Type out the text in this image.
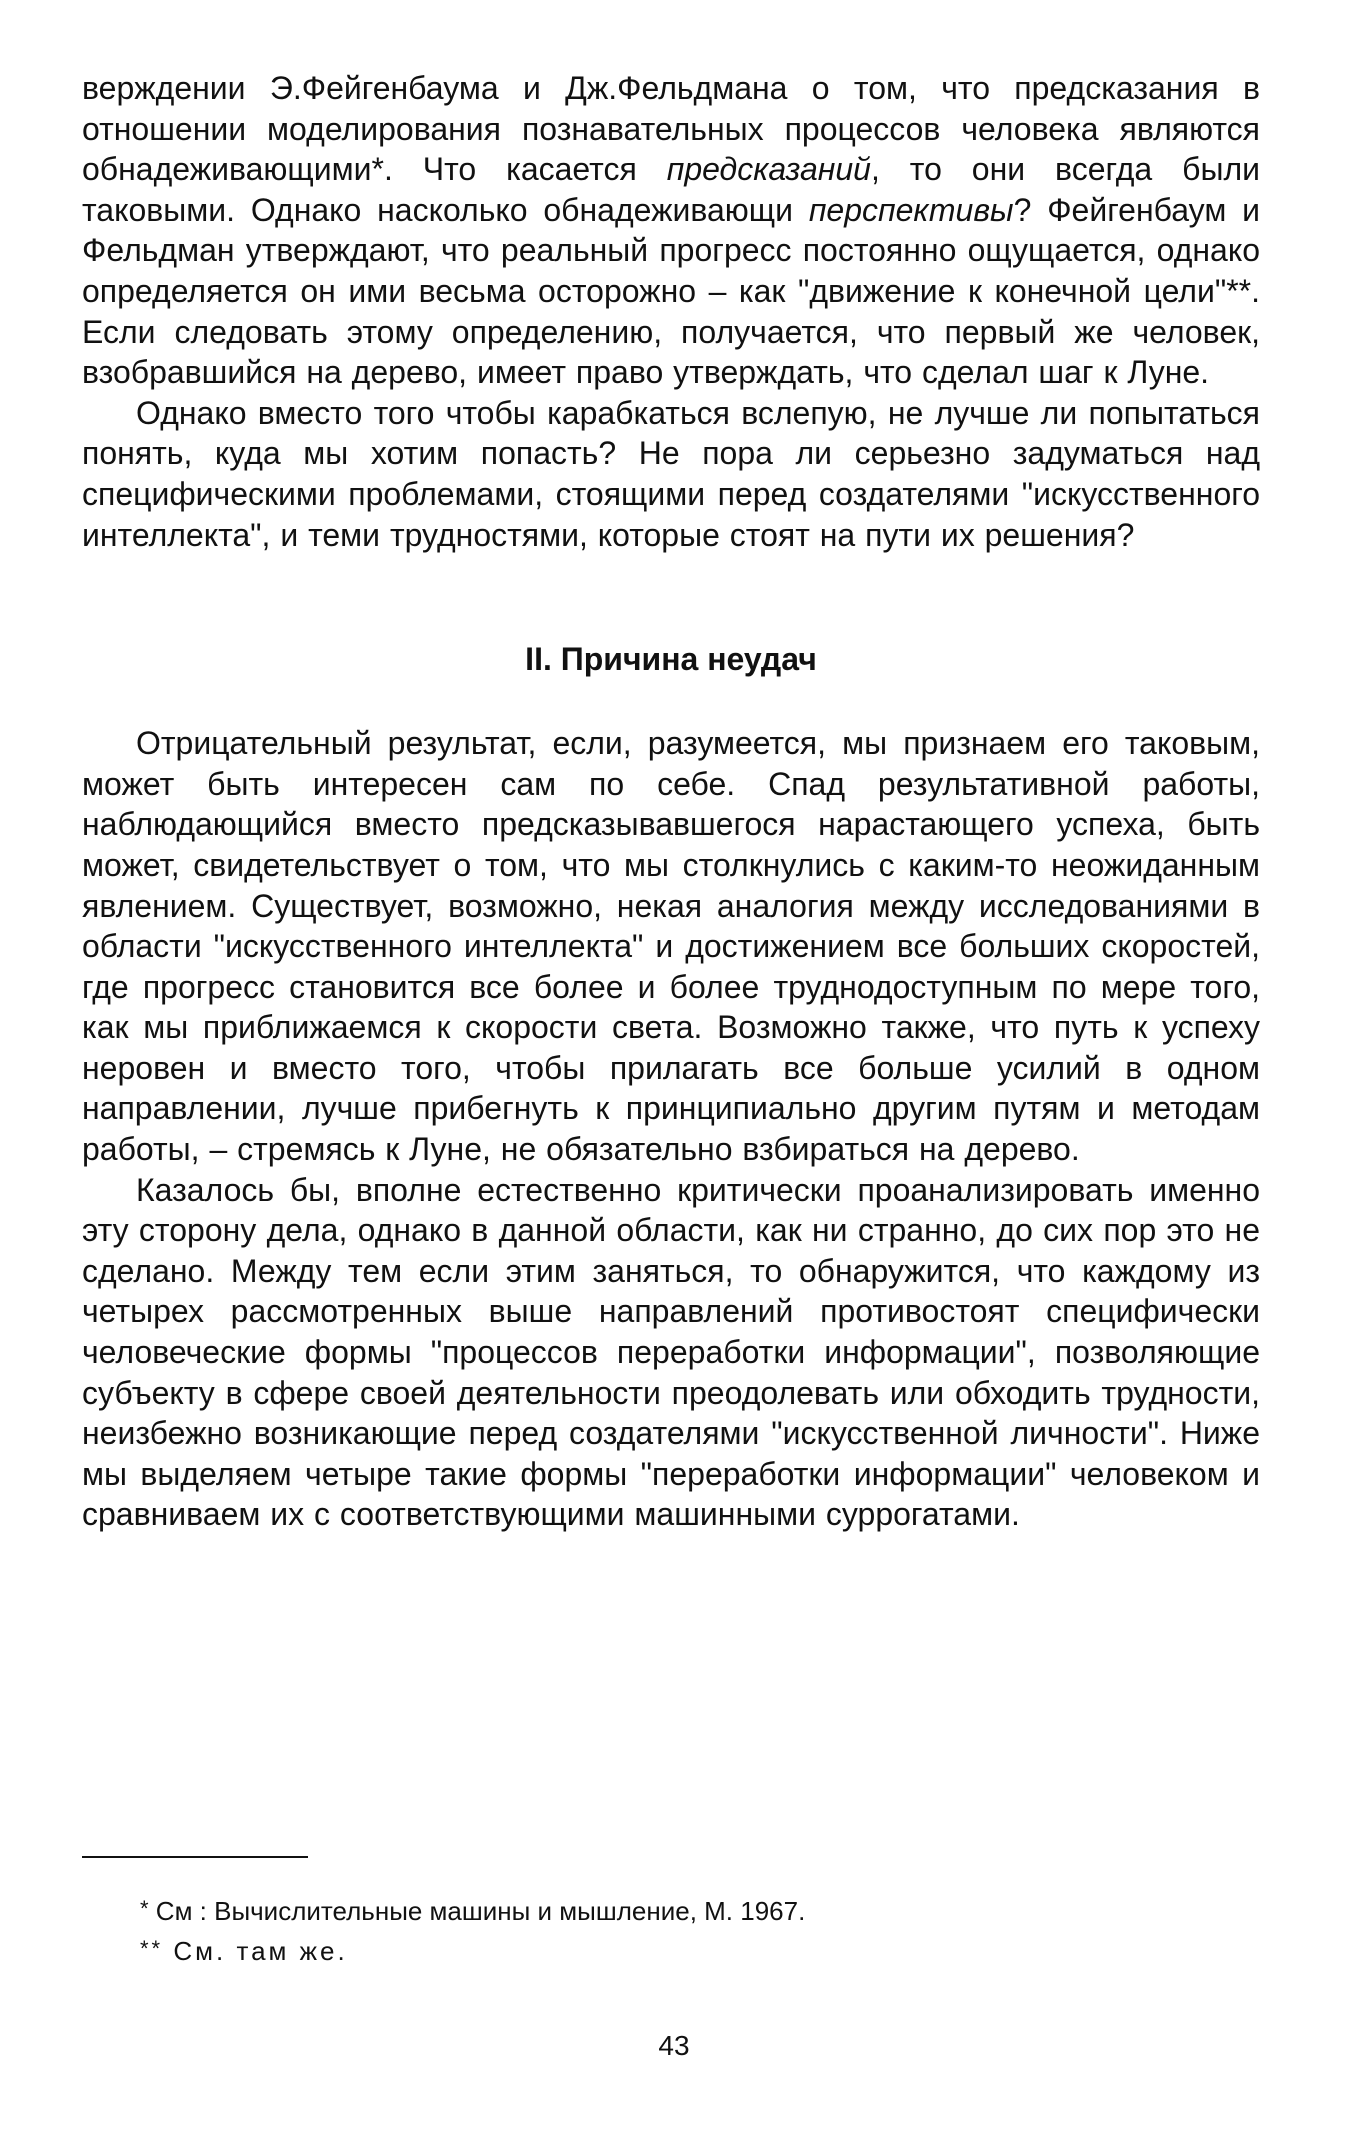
верждении Э.Фейгенбаума и Дж.Фельдмана о том, что предсказания в отношении моделирования познавательных процессов человека являются обнадеживающими*. Что касается предсказаний, то они всегда были таковыми. Однако насколько обнадеживающи перспективы? Фейгенбаум и Фельдман утверждают, что реальный прогресс постоянно ощущается, однако определяется он ими весьма осторожно – как "движение к конечной цели"**. Если следовать этому определению, получается, что первый же человек, взобравшийся на дерево, имеет право утверждать, что сделал шаг к Луне.

Однако вместо того чтобы карабкаться вслепую, не лучше ли попытаться понять, куда мы хотим попасть? Не пора ли серьезно задуматься над специфическими проблемами, стоящими перед создателями "искусственного интеллекта", и теми трудностями, которые стоят на пути их решения?

II. Причина неудач

Отрицательный результат, если, разумеется, мы признаем его таковым, может быть интересен сам по себе. Спад результативной работы, наблюдающийся вместо предсказывавшегося нарастающего успеха, быть может, свидетельствует о том, что мы столкнулись с каким-то неожиданным явлением. Существует, возможно, некая аналогия между исследованиями в области "искусственного интеллекта" и достижением все больших скоростей, где прогресс становится все более и более труднодоступным по мере того, как мы приближаемся к скорости света. Возможно также, что путь к успеху неровен и вместо того, чтобы прилагать все больше усилий в одном направлении, лучше прибегнуть к принципиально другим путям и методам работы, – стремясь к Луне, не обязательно взбираться на дерево.

Казалось бы, вполне естественно критически проанализировать именно эту сторону дела, однако в данной области, как ни странно, до сих пор это не сделано. Между тем если этим заняться, то обнаружится, что каждому из четырех рассмотренных выше направлений противостоят специфически человеческие формы "процессов переработки информации", позволяющие субъекту в сфере своей деятельности преодолевать или обходить трудности, неизбежно возникающие перед создателями "искусственной личности". Ниже мы выделяем четыре такие формы "переработки информации" человеком и сравниваем их с соответствующими машинными суррогатами.

* См : Вычислительные машины и мышление, М. 1967.

** См. там же.

43
